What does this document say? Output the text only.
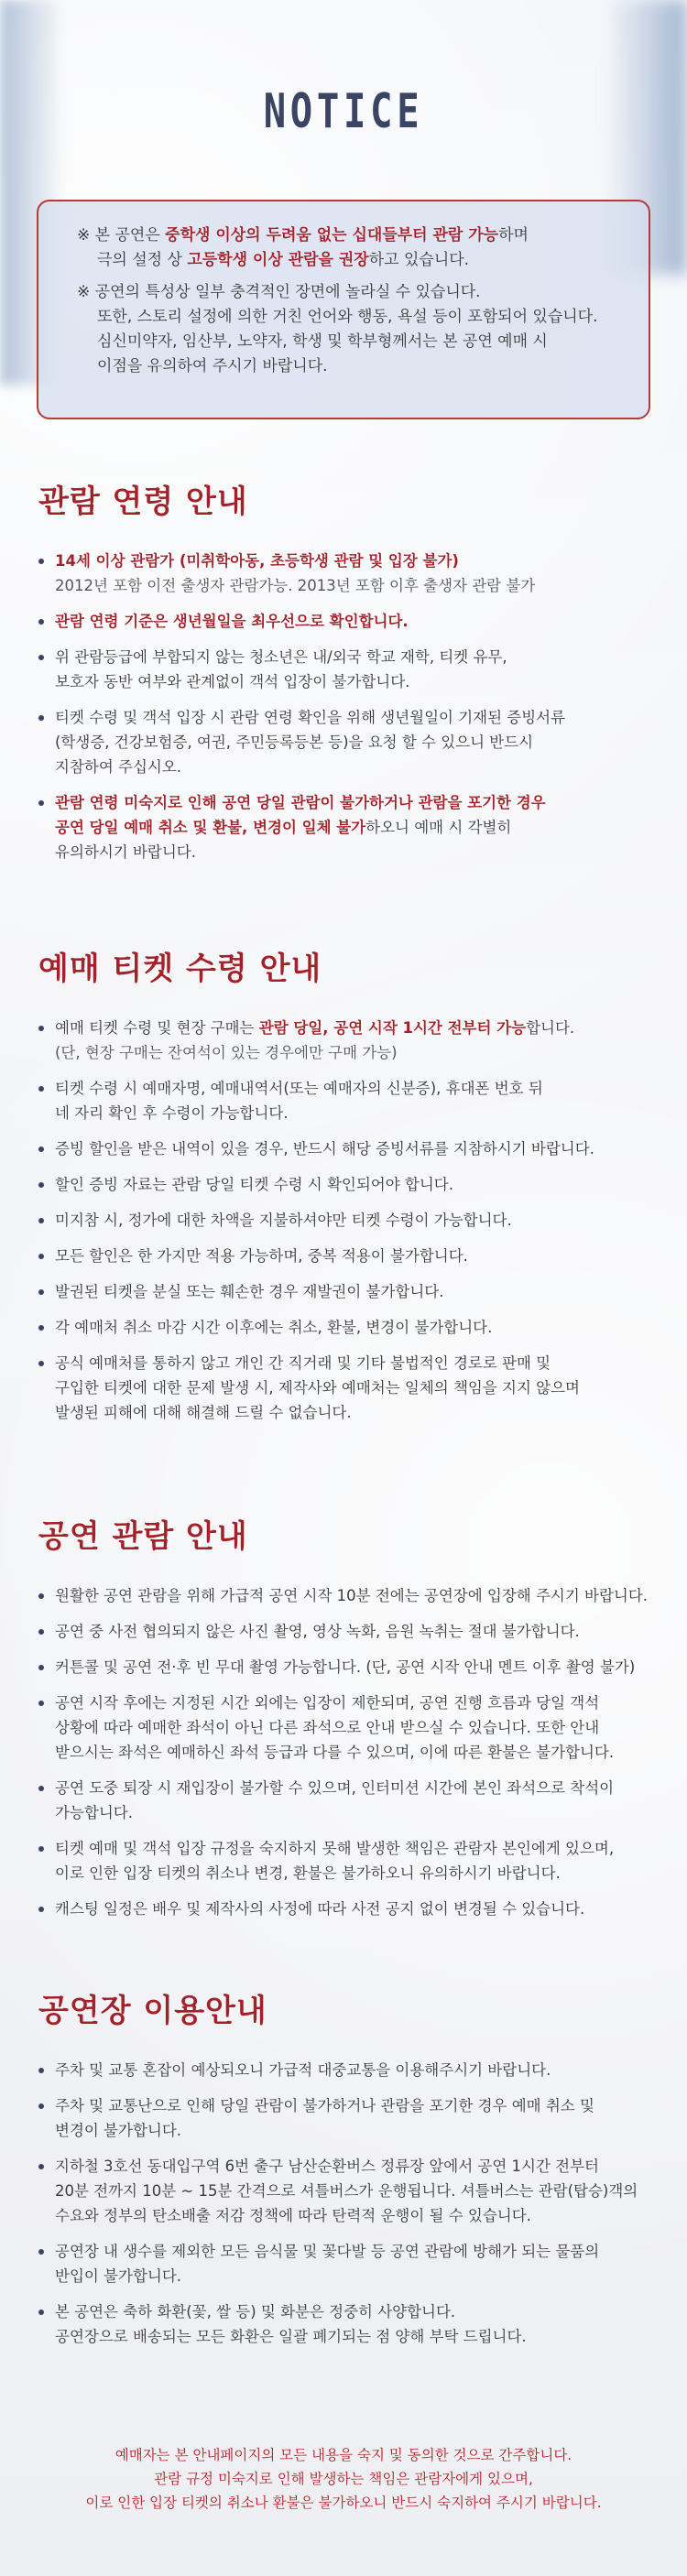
NOTICE

※ 본 공연은 중학생 이상의 두려움 없는 십대들부터 관람 가능하며
극의 설정 상 고등학생 이상 관람을 권장하고 있습니다.

※ 공연의 특성상 일부 충격적인 장면에 놀라실 수 있습니다.
또한, 스토리 설정에 의한 거친 언어와 행동, 욕설 등이 포함되어 있습니다.
심신미약자, 임산부, 노약자, 학생 및 학부형께서는 본 공연 예매 시
이점을 유의하여 주시기 바랍니다.

관람 연령 안내
14세 이상 관람가 (미취학아동, 초등학생 관람 및 입장 불가)
2012년 포함 이전 출생자 관람가능. 2013년 포함 이후 출생자 관람 불가
관람 연령 기준은 생년월일을 최우선으로 확인합니다.
위 관람등급에 부합되지 않는 청소년은 내/외국 학교 재학, 티켓 유무,
보호자 동반 여부와 관계없이 객석 입장이 불가합니다.
티켓 수령 및 객석 입장 시 관람 연령 확인을 위해 생년월일이 기재된 증빙서류
(학생증, 건강보험증, 여권, 주민등록등본 등)을 요청 할 수 있으니 반드시
지참하여 주십시오.
관람 연령 미숙지로 인해 공연 당일 관람이 불가하거나 관람을 포기한 경우
공연 당일 예매 취소 및 환불, 변경이 일체 불가하오니 예매 시 각별히
유의하시기 바랍니다.
예매 티켓 수령 안내
예매 티켓 수령 및 현장 구매는 관람 당일, 공연 시작 1시간 전부터 가능합니다.
(단, 현장 구매는 잔여석이 있는 경우에만 구매 가능)
티켓 수령 시 예매자명, 예매내역서(또는 예매자의 신분증), 휴대폰 번호 뒤
네 자리 확인 후 수령이 가능합니다.
증빙 할인을 받은 내역이 있을 경우, 반드시 해당 증빙서류를 지참하시기 바랍니다.
할인 증빙 자료는 관람 당일 티켓 수령 시 확인되어야 합니다.
미지참 시, 정가에 대한 차액을 지불하셔야만 티켓 수령이 가능합니다.
모든 할인은 한 가지만 적용 가능하며, 중복 적용이 불가합니다.
발권된 티켓을 분실 또는 훼손한 경우 재발권이 불가합니다.
각 예매처 취소 마감 시간 이후에는 취소, 환불, 변경이 불가합니다.
공식 예매처를 통하지 않고 개인 간 직거래 및 기타 불법적인 경로로 판매 및
구입한 티켓에 대한 문제 발생 시, 제작사와 예매처는 일체의 책임을 지지 않으며
발생된 피해에 대해 해결해 드릴 수 없습니다.
공연 관람 안내
원활한 공연 관람을 위해 가급적 공연 시작 10분 전에는 공연장에 입장해 주시기 바랍니다.
공연 중 사전 협의되지 않은 사진 촬영, 영상 녹화, 음원 녹취는 절대 불가합니다.
커튼콜 및 공연 전·후 빈 무대 촬영 가능합니다. (단, 공연 시작 안내 멘트 이후 촬영 불가)
공연 시작 후에는 지정된 시간 외에는 입장이 제한되며, 공연 진행 흐름과 당일 객석
상황에 따라 예매한 좌석이 아닌 다른 좌석으로 안내 받으실 수 있습니다. 또한 안내
받으시는 좌석은 예매하신 좌석 등급과 다를 수 있으며, 이에 따른 환불은 불가합니다.
공연 도중 퇴장 시 재입장이 불가할 수 있으며, 인터미션 시간에 본인 좌석으로 착석이
가능합니다.
티켓 예매 및 객석 입장 규정을 숙지하지 못해 발생한 책임은 관람자 본인에게 있으며,
이로 인한 입장 티켓의 취소나 변경, 환불은 불가하오니 유의하시기 바랍니다.
캐스팅 일정은 배우 및 제작사의 사정에 따라 사전 공지 없이 변경될 수 있습니다.
공연장 이용안내
주차 및 교통 혼잡이 예상되오니 가급적 대중교통을 이용해주시기 바랍니다.
주차 및 교통난으로 인해 당일 관람이 불가하거나 관람을 포기한 경우 예매 취소 및
변경이 불가합니다.
지하철 3호선 동대입구역 6번 출구 남산순환버스 정류장 앞에서 공연 1시간 전부터
20분 전까지 10분 ~ 15분 간격으로 셔틀버스가 운행됩니다. 셔틀버스는 관람(탑승)객의
수요와 정부의 탄소배출 저감 정책에 따라 탄력적 운행이 될 수 있습니다.
공연장 내 생수를 제외한 모든 음식물 및 꽃다발 등 공연 관람에 방해가 되는 물품의
반입이 불가합니다.
본 공연은 축하 화환(꽃, 쌀 등) 및 화분은 정중히 사양합니다.
공연장으로 배송되는 모든 화환은 일괄 폐기되는 점 양해 부탁 드립니다.

예매자는 본 안내페이지의 모든 내용을 숙지 및 동의한 것으로 간주합니다.

관람 규정 미숙지로 인해 발생하는 책임은 관람자에게 있으며,

이로 인한 입장 티켓의 취소나 환불은 불가하오니 반드시 숙지하여 주시기 바랍니다.
